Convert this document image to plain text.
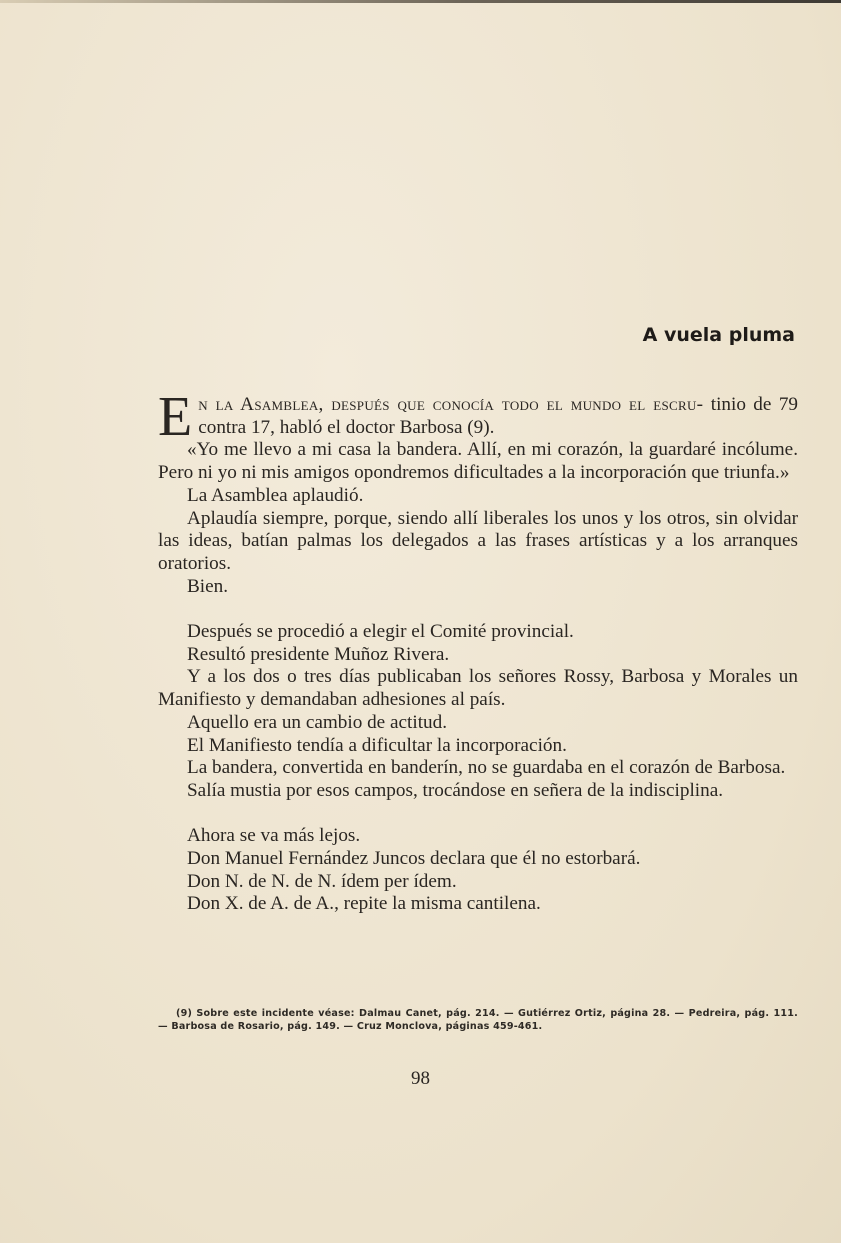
A vuela pluma

En la Asamblea, después que conocía todo el mundo el escru- tinio de 79 contra 17, habló el doctor Barbosa (9).

«Yo me llevo a mi casa la bandera. Allí, en mi corazón, la guardaré incólume. Pero ni yo ni mis amigos opondremos dificultades a la incorporación que triunfa.»

La Asamblea aplaudió.

Aplaudía siempre, porque, siendo allí liberales los unos y los otros, sin olvidar las ideas, batían palmas los delegados a las frases artísticas y a los arranques oratorios.

Bien.

Después se procedió a elegir el Comité provincial.

Resultó presidente Muñoz Rivera.

Y a los dos o tres días publicaban los señores Rossy, Barbosa y Morales un Manifiesto y demandaban adhesiones al país.

Aquello era un cambio de actitud.

El Manifiesto tendía a dificultar la incorporación.

La bandera, convertida en banderín, no se guardaba en el corazón de Barbosa.

Salía mustia por esos campos, trocándose en señera de la indisciplina.

Ahora se va más lejos.

Don Manuel Fernández Juncos declara que él no estorbará.

Don N. de N. de N. ídem per ídem.

Don X. de A. de A., repite la misma cantilena.

(9) Sobre este incidente véase: Dalmau Canet, pág. 214. — Gutiérrez Ortiz, página 28. — Pedreira, pág. 111. — Barbosa de Rosario, pág. 149. — Cruz Monclova, páginas 459-461.
98
